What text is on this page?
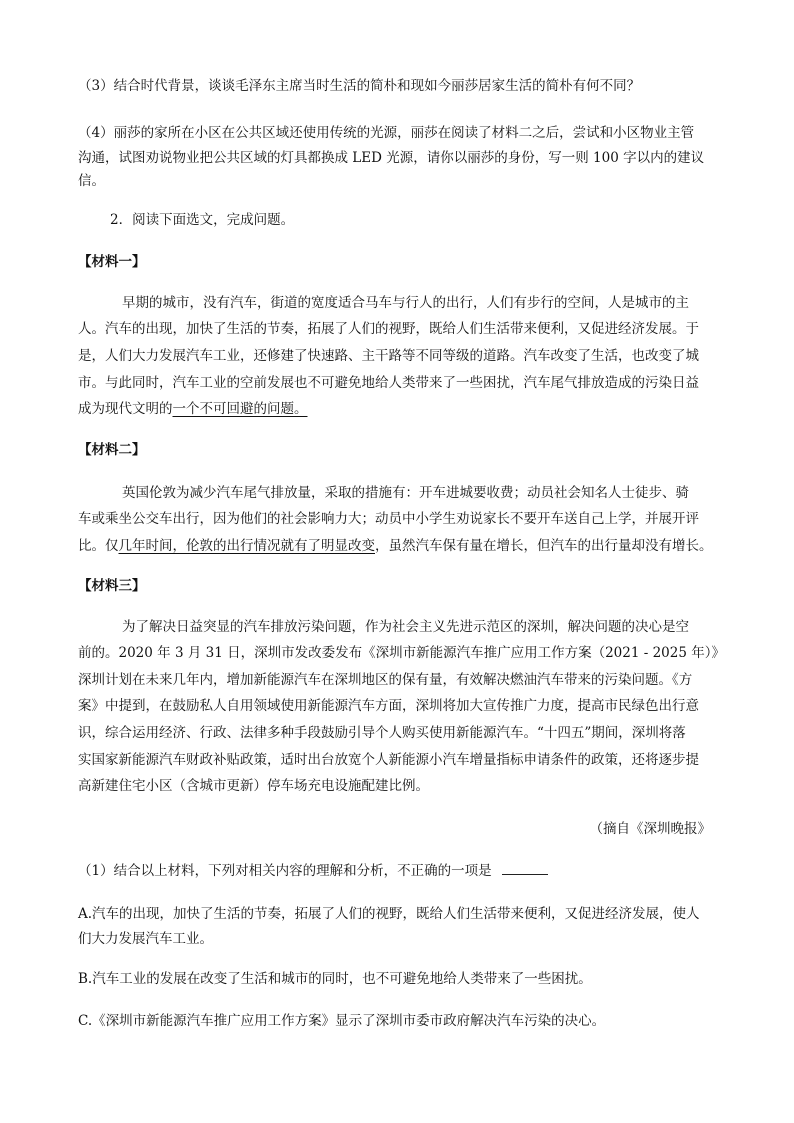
（3）结合时代背景，谈谈毛泽东主席当时生活的简朴和现如今丽莎居家生活的简朴有何不同？
（4）丽莎的家所在小区在公共区域还使用传统的光源，丽莎在阅读了材料二之后，尝试和小区物业主管
沟通，试图劝说物业把公共区域的灯具都换成 LED 光源，请你以丽莎的身份，写一则 100 字以内的建议
信。
2．阅读下面选文，完成问题。
【材料一】
早期的城市，没有汽车，街道的宽度适合马车与行人的出行，人们有步行的空间，人是城市的主
人。汽车的出现，加快了生活的节奏，拓展了人们的视野，既给人们生活带来便利，又促进经济发展。于
是，人们大力发展汽车工业，还修建了快速路、主干路等不同等级的道路。汽车改变了生活，也改变了城
市。与此同时，汽车工业的空前发展也不可避免地给人类带来了一些困扰，汽车尾气排放造成的污染日益
成为现代文明的一个不可回避的问题。
【材料二】
英国伦敦为减少汽车尾气排放量，采取的措施有：开车进城要收费；动员社会知名人士徒步、骑
车或乘坐公交车出行，因为他们的社会影响力大；动员中小学生劝说家长不要开车送自己上学，并展开评
比。仅几年时间，伦敦的出行情况就有了明显改变，虽然汽车保有量在增长，但汽车的出行量却没有增长。
【材料三】
为了解决日益突显的汽车排放污染问题，作为社会主义先进示范区的深圳，解决问题的决心是空
前的。2020 年 3 月 31 日，深圳市发改委发布《深圳市新能源汽车推广应用工作方案（2021 - 2025 年）》
深圳计划在未来几年内，增加新能源汽车在深圳地区的保有量，有效解决燃油汽车带来的污染问题。《方
案》中提到，在鼓励私人自用领域使用新能源汽车方面，深圳将加大宣传推广力度，提高市民绿色出行意
识，综合运用经济、行政、法律多种手段鼓励引导个人购买使用新能源汽车。“十四五”期间，深圳将落
实国家新能源汽车财政补贴政策，适时出台放宽个人新能源小汽车增量指标申请条件的政策，还将逐步提
高新建住宅小区（含城市更新）停车场充电设施配建比例。
（摘自《深圳晚报》
（1）结合以上材料，下列对相关内容的理解和分析，不正确的一项是
A.汽车的出现，加快了生活的节奏，拓展了人们的视野，既给人们生活带来便利，又促进经济发展，使人
们大力发展汽车工业。
B.汽车工业的发展在改变了生活和城市的同时，也不可避免地给人类带来了一些困扰。
C.《深圳市新能源汽车推广应用工作方案》显示了深圳市委市政府解决汽车污染的决心。
